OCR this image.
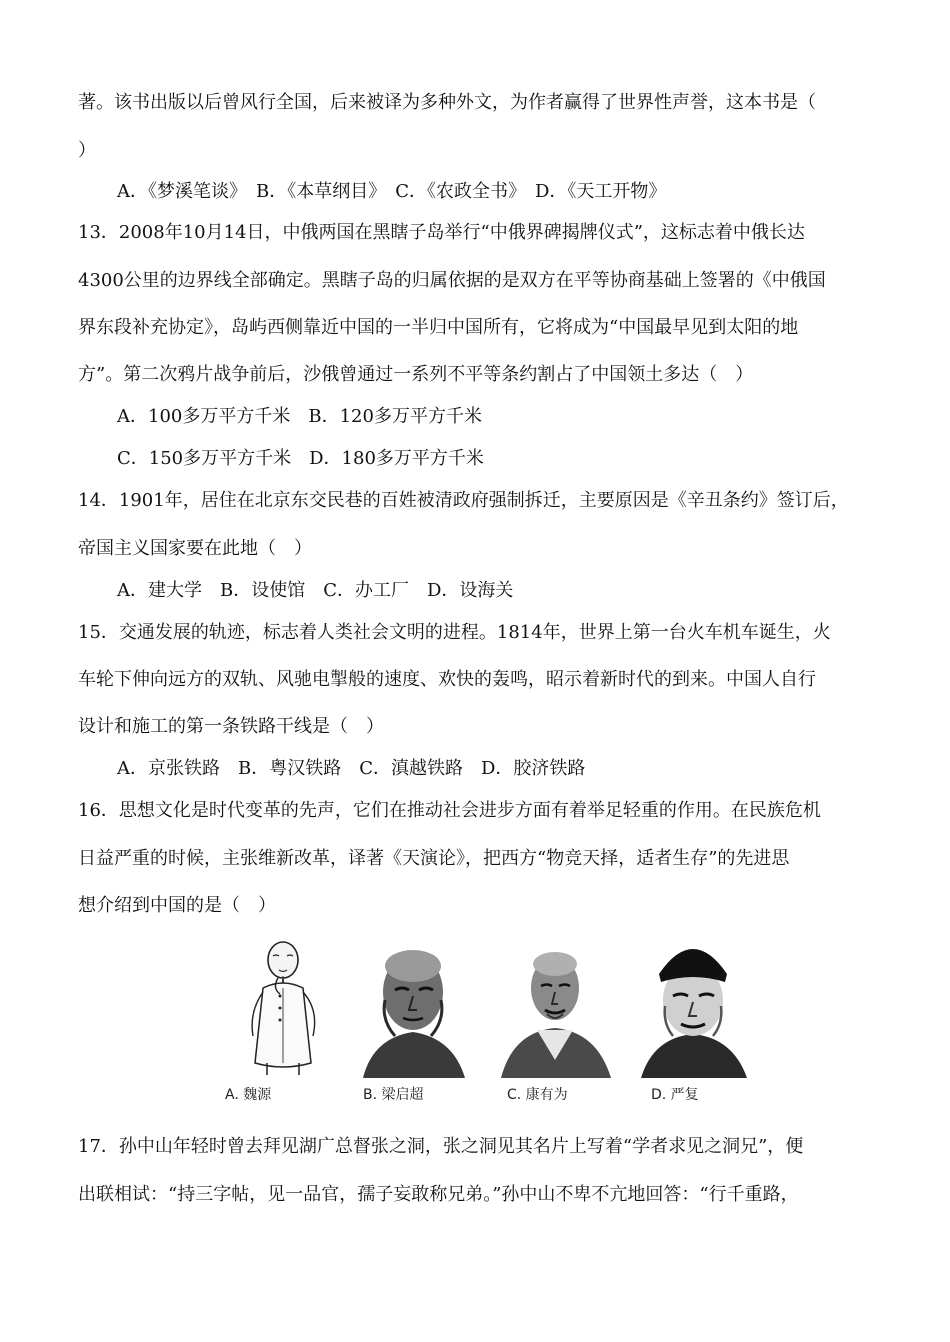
著。该书出版以后曾风行全国，后来被译为多种外文，为作者赢得了世界性声誉，这本书是（
）
A．《梦溪笔谈》　B．《本草纲目》　C．《农政全书》　D．《天工开物》
13．2008年10月14日，中俄两国在黑瞎子岛举行“中俄界碑揭牌仪式”，这标志着中俄长达
4300公里的边界线全部确定。黑瞎子岛的归属依据的是双方在平等协商基础上签署的《中俄国
界东段补充协定》，岛屿西侧靠近中国的一半归中国所有，它将成为“中国最早见到太阳的地
方”。第二次鸦片战争前后，沙俄曾通过一系列不平等条约割占了中国领土多达（　）
A．100多万平方千米　B．120多万平方千米
C．150多万平方千米　D．180多万平方千米
14．1901年，居住在北京东交民巷的百姓被清政府强制拆迁，主要原因是《辛丑条约》签订后，
帝国主义国家要在此地（　）
A．建大学　B．设使馆　C．办工厂　D．设海关
15．交通发展的轨迹，标志着人类社会文明的进程。1814年，世界上第一台火车机车诞生，火
车轮下伸向远方的双轨、风驰电掣般的速度、欢快的轰鸣，昭示着新时代的到来。中国人自行
设计和施工的第一条铁路干线是（　）
A．京张铁路　B．粤汉铁路　C．滇越铁路　D．胶济铁路
16．思想文化是时代变革的先声，它们在推动社会进步方面有着举足轻重的作用。在民族危机
日益严重的时候，主张维新改革，译著《天演论》，把西方“物竞天择，适者生存”的先进思
想介绍到中国的是（　）
A. 魏源	B. 梁启超	C. 康有为	D. 严复
17．孙中山年轻时曾去拜见湖广总督张之洞，张之洞见其名片上写着“学者求见之洞兄”，便
出联相试：“持三字帖，见一品官，孺子妄敢称兄弟。”孙中山不卑不亢地回答：“行千重路，
